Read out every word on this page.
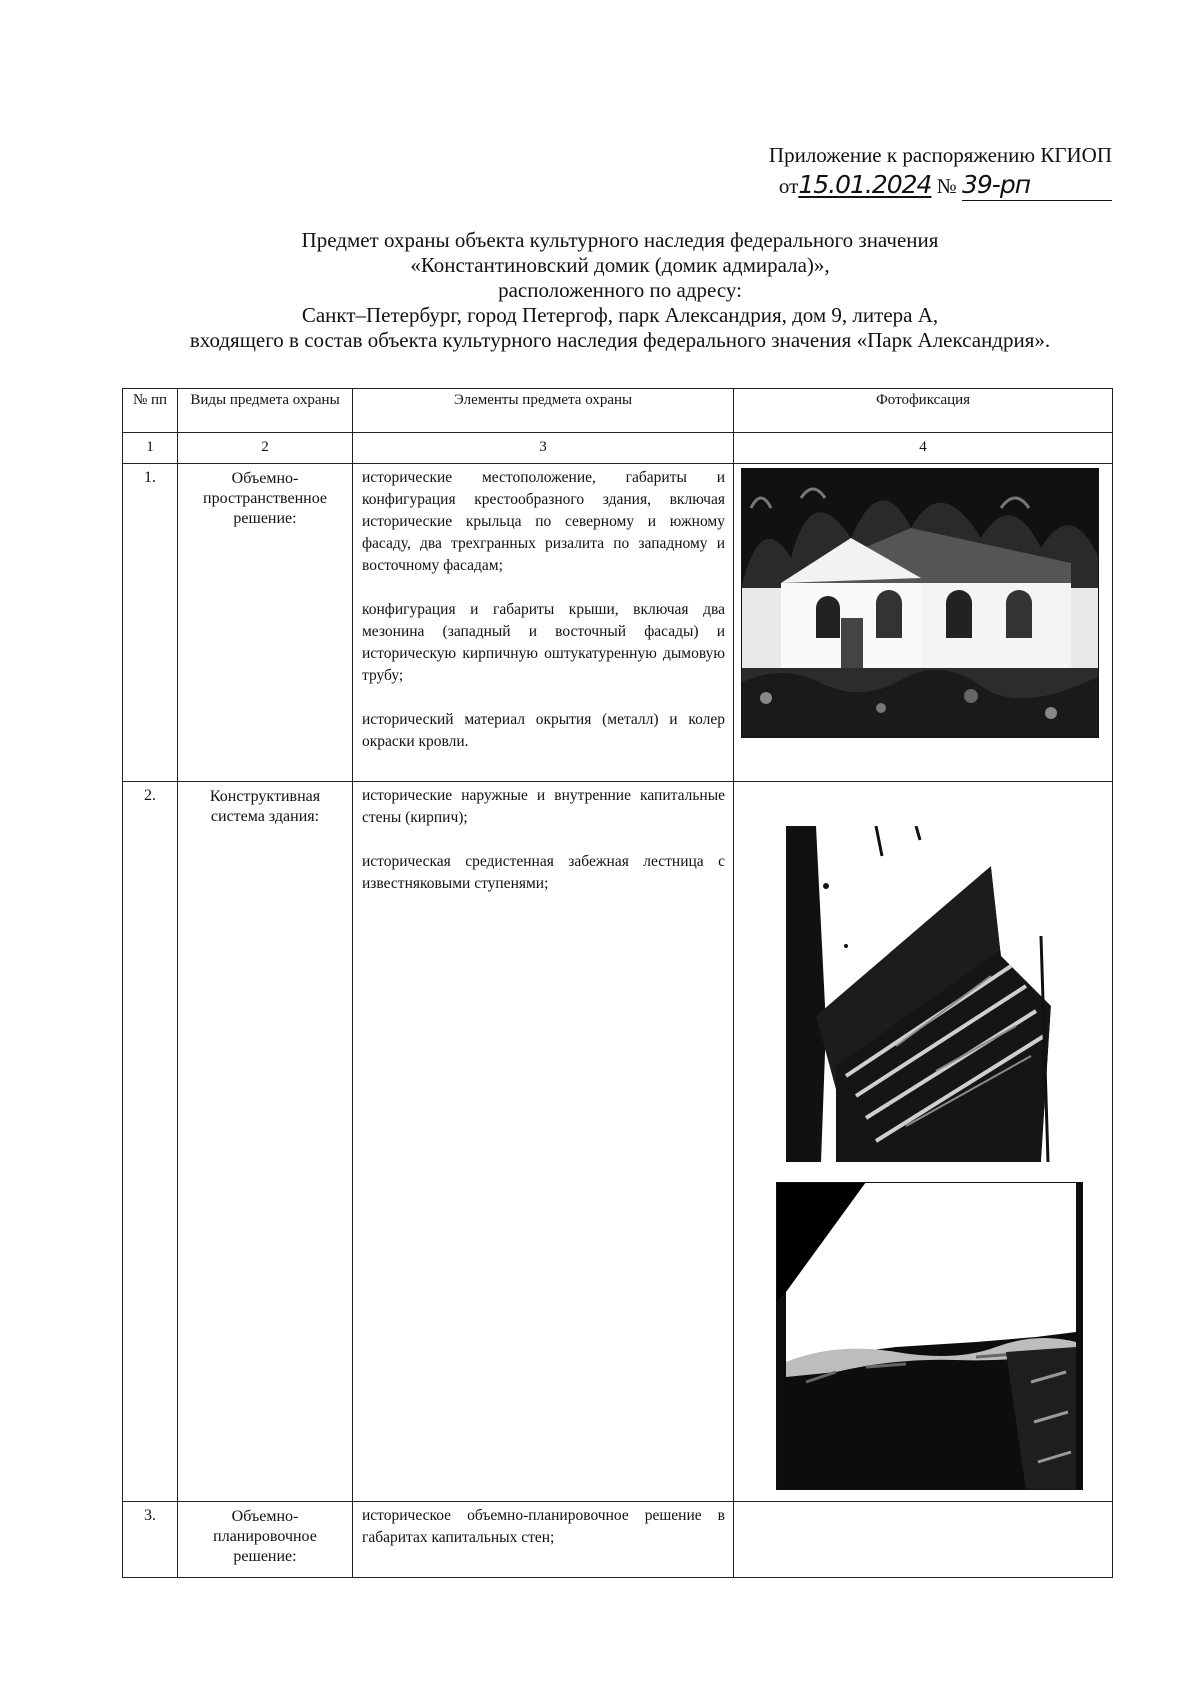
Приложение к распоряжению КГИОП
от15.01.2024 № 39-рп
Предмет охраны объекта культурного наследия федерального значения
«Константиновский домик (домик адмирала)»,
расположенного по адресу:
Санкт–Петербург, город Петергоф, парк Александрия, дом 9, литера А,
входящего в состав объекта культурного наследия федерального значения «Парк Александрия».
№ пп	Виды предмета охраны	Элементы предмета охраны	Фотофиксация
1	2	3	4
1.	Объемно-пространственное решение:	исторические местоположение, габариты и конфигурация крестообразного здания, включая исторические крыльца по северному и южному фасаду, два трехгранных ризалита по западному и восточному фасадам;

конфигурация и габариты крыши, включая два мезонина (западный и восточный фасады) и историческую кирпичную оштукатуренную дымовую трубу;

исторический материал окрытия (металл) и колер окраски кровли.

2.	Конструктивная система здания:	исторические наружные и внутренние капитальные стены (кирпич);

историческая средистенная забежная лестница с известняковыми ступенями;

3.	Объемно-планировочное решение:	историческое объемно-планировочное решение в габаритах капитальных стен;	
